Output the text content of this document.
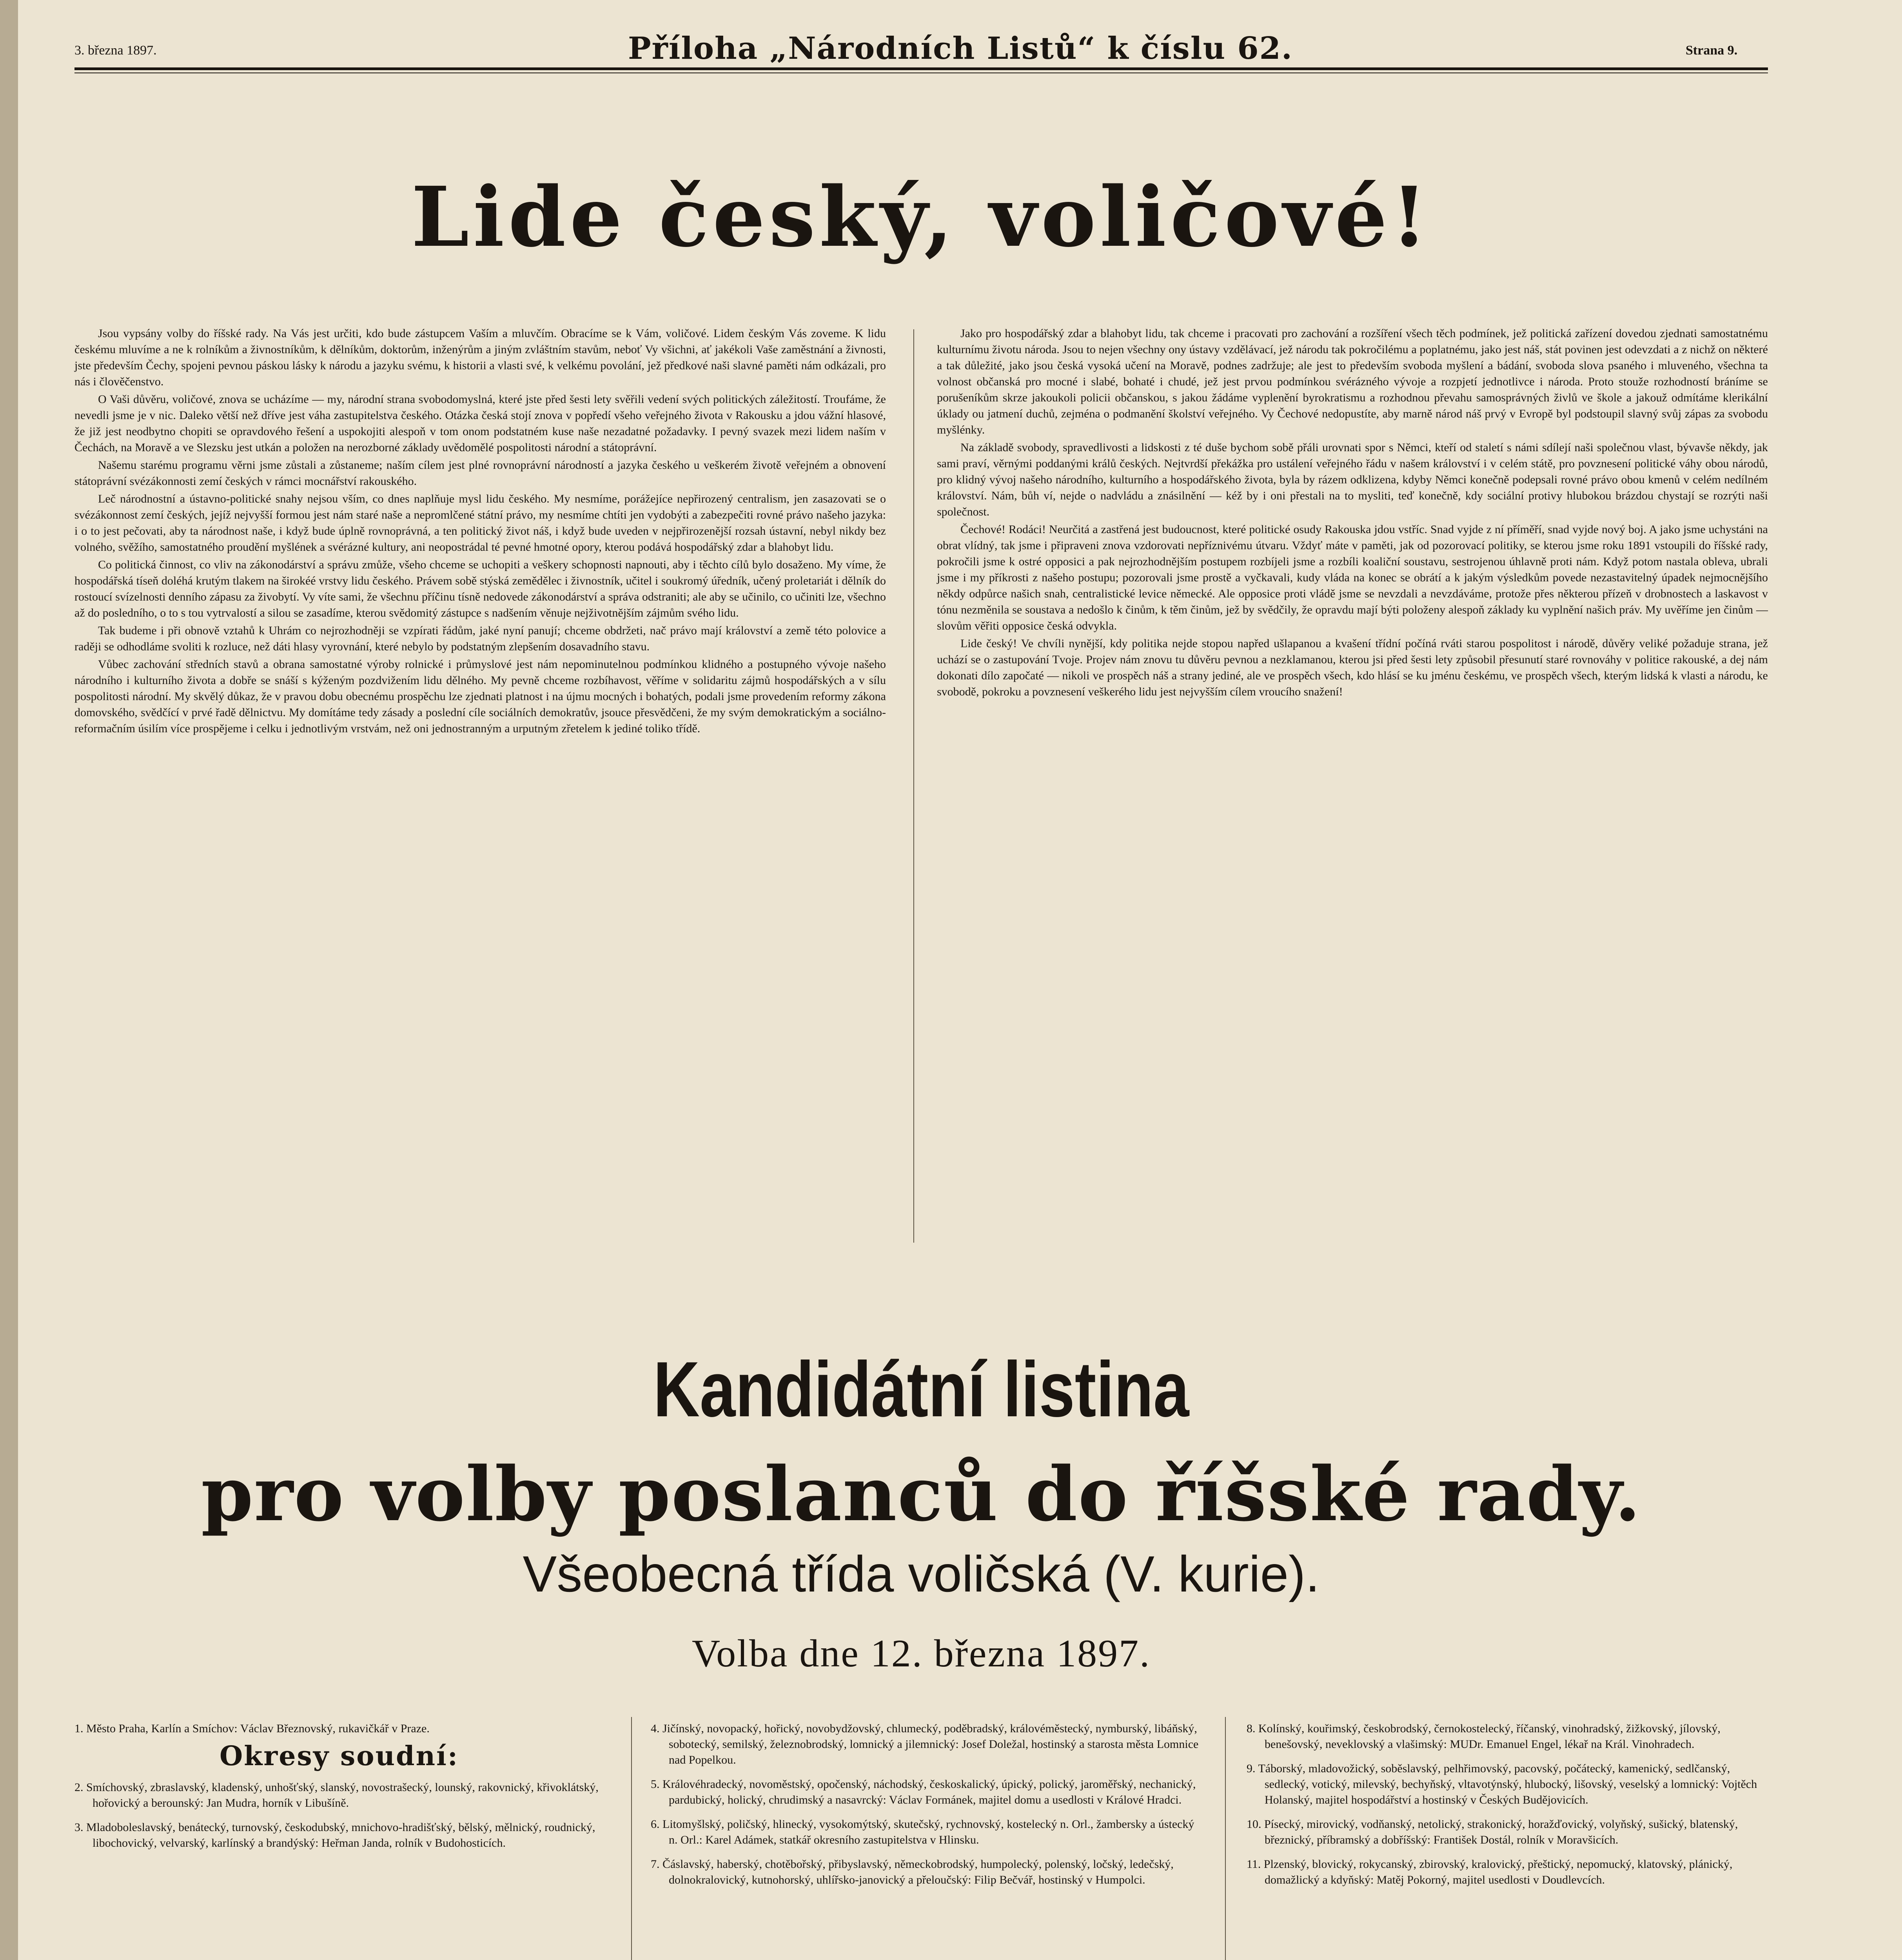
3. března 1897.	Příloha „Národních Listů“ k číslu 62.	Strana 9.
Lide český, voličové!

Jsou vypsány volby do říšské rady. Na Vás jest určiti, kdo bude zástupcem Vaším a mluvčím. Obracíme se k Vám, voličové. Lidem českým Vás zoveme. K lidu českému mluvíme a ne k rolníkům a živnostníkům, k dělníkům, doktorům, inženýrům a jiným zvláštním stavům, neboť Vy všichni, ať jakékoli Vaše zaměstnání a živnosti, jste především Čechy, spojeni pevnou páskou lásky k národu a jazyku svému, k historii a vlasti své, k velkému povolání, jež předkové naši slavné paměti nám odkázali, pro nás i člověčenstvo.

O Vaši důvěru, voličové, znova se ucházíme — my, národní strana svobodomyslná, které jste před šesti lety svěřili vedení svých politických záležitostí. Troufáme, že nevedli jsme je v nic. Daleko větší než dříve jest váha zastupitelstva českého. Otázka česká stojí znova v popředí všeho veřejného života v Rakousku a jdou vážní hlasové, že již jest neodbytno chopiti se opravdového řešení a uspokojiti alespoň v tom onom podstatném kuse naše nezadatné požadavky. I pevný svazek mezi lidem naším v Čechách, na Moravě a ve Slezsku jest utkán a položen na nerozborné základy uvědomělé pospolitosti národní a státoprávní.

Našemu starému programu věrni jsme zůstali a zůstaneme; naším cílem jest plné rovnoprávní národností a jazyka českého u veškerém životě veřejném a obnovení státoprávní svézákonnosti zemí českých v rámci mocnářství rakouského.

Leč národnostní a ústavno-politické snahy nejsou vším, co dnes naplňuje mysl lidu českého. My nesmíme, porážejíce nepřirozený centralism, jen zasazovati se o svézákonnost zemí českých, jejíž nejvyšší formou jest nám staré naše a nepromlčené státní právo, my nesmíme chtíti jen vydobýti a zabezpečiti rovné právo našeho jazyka: i o to jest pečovati, aby ta národnost naše, i když bude úplně rovnoprávná, a ten politický život náš, i když bude uveden v nejpřirozenější rozsah ústavní, nebyl nikdy bez volného, svěžího, samostatného proudění myšlének a svérázné kultury, ani neopostrádal té pevné hmotné opory, kterou podává hospodářský zdar a blahobyt lidu.

Co politická činnost, co vliv na zákonodárství a správu zmůže, všeho chceme se uchopiti a veškery schopnosti napnouti, aby i těchto cílů bylo dosaženo. My víme, že hospodářská tíseň doléhá krutým tlakem na širokéé vrstvy lidu českého. Právem sobě stýská zemědělec i živnostník, učitel i soukromý úředník, učený proletariát i dělník do rostoucí svízelnosti denního zápasu za živobytí. Vy víte sami, že všechnu příčinu tísně nedovede zákonodárství a správa odstraniti; ale aby se učinilo, co učiniti lze, všechno až do posledního, o to s tou vytrvalostí a silou se zasadíme, kterou svědomitý zástupce s nadšením věnuje nejživotnějším zájmům svého lidu.

Tak budeme i při obnově vztahů k Uhrám co nejrozhodněji se vzpírati řádům, jaké nyní panují; chceme obdržeti, nač právo mají království a země této polovice a raději se odhodláme svoliti k rozluce, než dáti hlasy vyrovnání, které nebylo by podstatným zlepšením dosavadního stavu.

Vůbec zachování středních stavů a obrana samostatné výroby rolnické i průmyslové jest nám nepominutelnou podmínkou klidného a postupného vývoje našeho národního i kulturního života a dobře se snáší s kýženým pozdvižením lidu dělného. My pevně chceme rozbíhavost, věříme v solidaritu zájmů hospodářských a v sílu pospolitosti národní. My skvělý důkaz, že v pravou dobu obecnému prospěchu lze zjednati platnost i na újmu mocných i bohatých, podali jsme provedením reformy zákona domovského, svědčící v prvé řadě dělnictvu. My domítáme tedy zásady a poslední cíle sociálních demokratův, jsouce přesvědčeni, že my svým demokratickým a sociálno-reformačním úsilím více prospějeme i celku i jednotlivým vrstvám, než oni jednostranným a urputným zřetelem k jediné toliko třídě.

Jako pro hospodářský zdar a blahobyt lidu, tak chceme i pracovati pro zachování a rozšíření všech těch podmínek, jež politická zařízení dovedou zjednati samostatnému kulturnímu životu národa. Jsou to nejen všechny ony ústavy vzdělávací, jež národu tak pokročilému a poplatnému, jako jest náš, stát povinen jest odevzdati a z nichž on některé a tak důležité, jako jsou česká vysoká učení na Moravě, podnes zadržuje; ale jest to především svoboda myšlení a bádání, svoboda slova psaného i mluveného, všechna ta volnost občanská pro mocné i slabé, bohaté i chudé, jež jest prvou podmínkou svérázného vývoje a rozpjetí jednotlivce i národa. Proto stouže rozhodností bráníme se porušeníkům skrze jakoukoli policii občanskou, s jakou žádáme vyplenění byrokratismu a rozhodnou převahu samosprávných živlů ve škole a jakouž odmítáme klerikální úklady ou jatmení duchů, zejména o podmanění školství veřejného. Vy Čechové nedopustíte, aby marně národ náš prvý v Evropě byl podstoupil slavný svůj zápas za svobodu myšlénky.

Na základě svobody, spravedlivosti a lidskosti z té duše bychom sobě přáli urovnati spor s Němci, kteří od staletí s námi sdílejí naši společnou vlast, bývavše někdy, jak sami praví, věrnými poddanými králů českých. Nejtvrdší překážka pro ustálení veřejného řádu v našem království i v celém státě, pro povznesení politické váhy obou národů, pro klidný vývoj našeho národního, kulturního a hospodářského života, byla by rázem odklizena, kdyby Němci konečně podepsali rovné právo obou kmenů v celém nedílném království. Nám, bůh ví, nejde o nadvládu a znásilnění — kéž by i oni přestali na to mysliti, teď konečně, kdy sociální protivy hlubokou brázdou chystají se rozrýti naši společnost.

Čechové! Rodáci! Neurčitá a zastřená jest budoucnost, které politické osudy Rakouska jdou vstříc. Snad vyjde z ní příměří, snad vyjde nový boj. A jako jsme uchystáni na obrat vlídný, tak jsme i připraveni znova vzdorovati nepříznivému útvaru. Vždyť máte v paměti, jak od pozorovací politiky, se kterou jsme roku 1891 vstoupili do říšské rady, pokročili jsme k ostré opposici a pak nejrozhodnějším postupem rozbíjeli jsme a rozbíli koaliční soustavu, sestrojenou úhlavně proti nám. Když potom nastala obleva, ubrali jsme i my příkrosti z našeho postupu; pozorovali jsme prostě a vyčkavali, kudy vláda na konec se obrátí a k jakým výsledkům povede nezastavitelný úpadek nejmocnějšího někdy odpůrce našich snah, centralistické levice německé. Ale opposice proti vládě jsme se nevzdali a nevzdáváme, protože přes některou přízeň v drobnostech a laskavost v tónu nezměnila se soustava a nedošlo k činům, k těm činům, jež by svědčily, že opravdu mají býti položeny alespoň základy ku vyplnění našich práv. My uvěříme jen činům — slovům věřiti opposice česká odvykla.

Lide český! Ve chvíli nynější, kdy politika nejde stopou napřed ušlapanou a kvašení třídní počíná rváti starou pospolitost i národě, důvěry veliké požaduje strana, jež uchází se o zastupování Tvoje. Projev nám znovu tu důvěru pevnou a nezklamanou, kterou jsi před šesti lety způsobil přesunutí staré rovnováhy v politice rakouské, a dej nám dokonati dílo započaté — nikoli ve prospěch náš a strany jediné, ale ve prospěch všech, kdo hlásí se ku jménu českému, ve prospěch všech, kterým lidská k vlasti a národu, ke svobodě, pokroku a povznesení veškerého lidu jest nejvyšším cílem vroucího snažení!

Kandidátní listina
pro volby poslanců do říšské rady.
Všeobecná třída voličská (V. kurie).
Volba dne 12. března 1897.
1. Město Praha, Karlín a Smíchov: Václav Březnovský, rukavičkář v Praze.
Okresy soudní:
2. Smíchovský, zbraslavský, kladenský, unhošťský, slanský, novostrašecký, lounský, rakovnický, křivoklátský, hořovický a berounský: Jan Mudra, horník v Libušíně.
3. Mladoboleslavský, benátecký, turnovský, českodubský, mnichovo-hradišťský, bělský, mělnický, roudnický, libochovický, velvarský, karlínský a brandýský: Heřman Janda, rolník v Budohosticích.
4. Jičínský, novopacký, hořický, novobydžovský, chlumecký, poděbradský, královéměstecký, nymburský, libáňský, sobotecký, semilský, železnobrodský, lomnický a jilemnický: Josef Doležal, hostinský a starosta města Lomnice nad Popelkou.
5. Královéhradecký, novoměstský, opočenský, náchodský, českoskalický, úpický, polický, jaroměřský, nechanický, pardubický, holický, chrudimský a nasavrcký: Václav Formánek, majitel domu a usedlosti v Králové Hradci.
6. Litomyšlský, poličský, hlinecký, vysokomýtský, skutečský, rychnovský, kostelecký n. Orl., žambersky a ústecký n. Orl.: Karel Adámek, statkář okresního zastupitelstva v Hlinsku.
7. Čáslavský, haberský, chotěbořský, přibyslavský, německobrodský, humpolecký, polenský, ločský, ledečský, dolnokralovický, kutnohorský, uhlířsko-janovický a přeloučský: Filip Bečvář, hostinský v Humpolci.
8. Kolínský, kouřimský, českobrodský, černokostelecký, říčanský, vinohradský, žižkovský, jílovský, benešovský, neveklovský a vlašimský: MUDr. Emanuel Engel, lékař na Král. Vinohradech.
9. Táborský, mladovožický, soběslavský, pelhřimovský, pacovský, počátecký, kamenický, sedlčanský, sedlecký, votický, milevský, bechyňský, vltavotýnský, hlubocký, lišovský, veselský a lomnický: Vojtěch Holanský, majitel hospodářství a hostinský v Českých Budějovicích.
10. Písecký, mirovický, vodňanský, netolický, strakonický, horažďovický, volyňský, sušický, blatenský, březnický, příbramský a dobříšský: František Dostál, rolník v Moravšicích.
11. Plzenský, blovický, rokycanský, zbirovský, kralovický, přeštický, nepomucký, klatovský, plánický, domažlický a kdyňský: Matěj Pokorný, majitel usedlosti v Doudlevcích.
